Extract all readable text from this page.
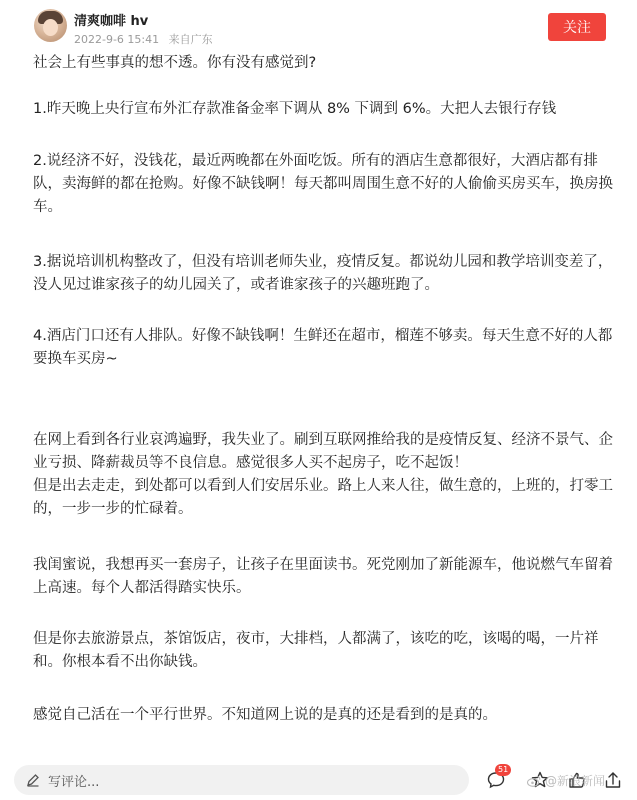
清爽咖啡 hv
2022-9-6 15:41 来自广东
关注

社会上有些事真的想不透。你有没有感觉到?

1.昨天晚上央行宣布外汇存款准备金率下调从 8% 下调到 6%。大把人去银行存钱

2.说经济不好，没钱花，最近两晚都在外面吃饭。所有的酒店生意都很好，大酒店都有排队，卖海鲜的都在抢购。好像不缺钱啊！每天都叫周围生意不好的人偷偷买房买车，换房换车。

3.据说培训机构整改了，但没有培训老师失业，疫情反复。都说幼儿园和教学培训变差了，没人见过谁家孩子的幼儿园关了，或者谁家孩子的兴趣班跑了。

4.酒店门口还有人排队。好像不缺钱啊！生鲜还在超市，榴莲不够卖。每天生意不好的人都要换车买房~

在网上看到各行业哀鸿遍野，我失业了。刷到互联网推给我的是疫情反复、经济不景气、企业亏损、降薪裁员等不良信息。感觉很多人买不起房子，吃不起饭！
但是出去走走，到处都可以看到人们安居乐业。路上人来人往，做生意的，上班的，打零工的，一步一步的忙碌着。

我闺蜜说，我想再买一套房子，让孩子在里面读书。死党刚加了新能源车，他说燃气车留着上高速。每个人都活得踏实快乐。

但是你去旅游景点，茶馆饭店，夜市，大排档，人都满了，该吃的吃，该喝的喝，一片祥和。你根本看不出你缺钱。

感觉自己活在一个平行世界。不知道网上说的是真的还是看到的是真的。

写评论...
51
@新浪新闻
